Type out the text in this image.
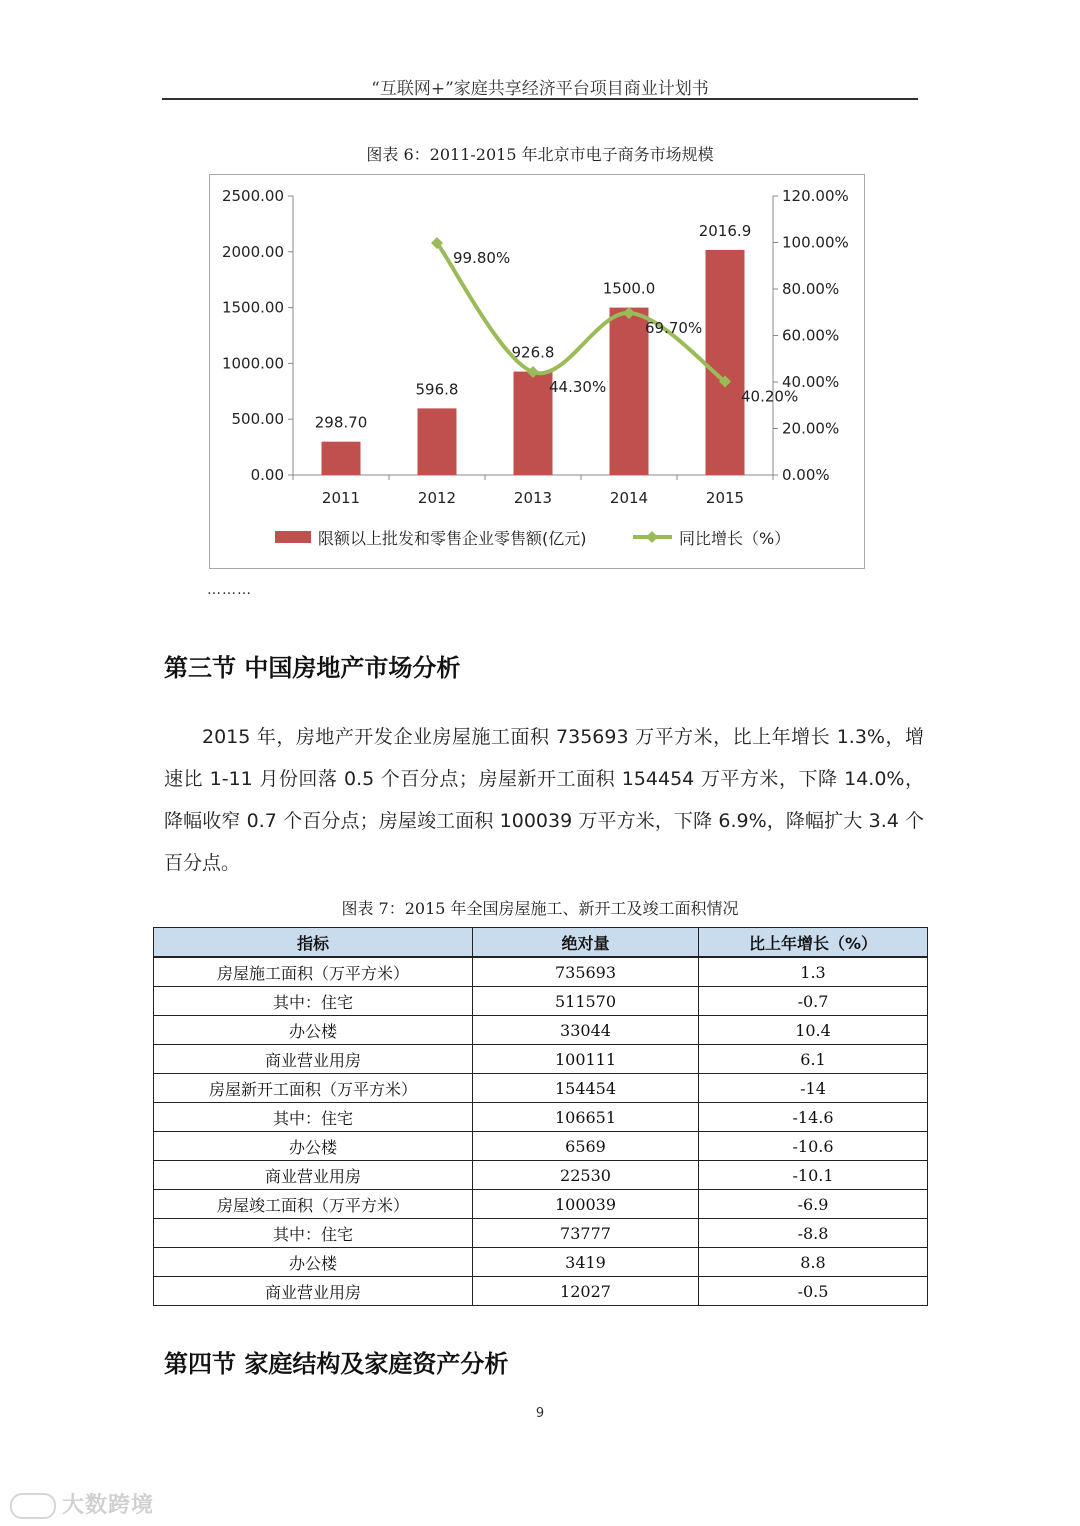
“互联网+”家庭共享经济平台项目商业计划书
图表 6：2011-2015 年北京市电子商务市场规模
0.00
500.00
1000.00
1500.00
2000.00
2500.00
0.00%
20.00%
40.00%
60.00%
80.00%
100.00%
120.00%
2011	2012	2013	2014	2015
298.70
596.8
926.8
1500.0
2016.9
99.80%
44.30%
69.70%
40.20%
限额以上批发和零售企业零售额(亿元)	同比增长（%）
………
第三节 中国房地产市场分析

2015 年，房地产开发企业房屋施工面积 735693 万平方米，比上年增长 1.3%，增速比 1-11 月份回落 0.5 个百分点；房屋新开工面积 154454 万平方米，下降 14.0%，降幅收窄 0.7 个百分点；房屋竣工面积 100039 万平方米，下降 6.9%，降幅扩大 3.4 个百分点。

图表 7：2015 年全国房屋施工、新开工及竣工面积情况
指标	绝对量	比上年增长（%）
房屋施工面积（万平方米）	735693	1.3
其中：住宅	511570	-0.7
办公楼	33044	10.4
商业营业用房	100111	6.1
房屋新开工面积（万平方米）	154454	-14
其中：住宅	106651	-14.6
办公楼	6569	-10.6
商业营业用房	22530	-10.1
房屋竣工面积（万平方米）	100039	-6.9
其中：住宅	73777	-8.8
办公楼	3419	8.8
商业营业用房	12027	-0.5
第四节 家庭结构及家庭资产分析
9
大数跨境
